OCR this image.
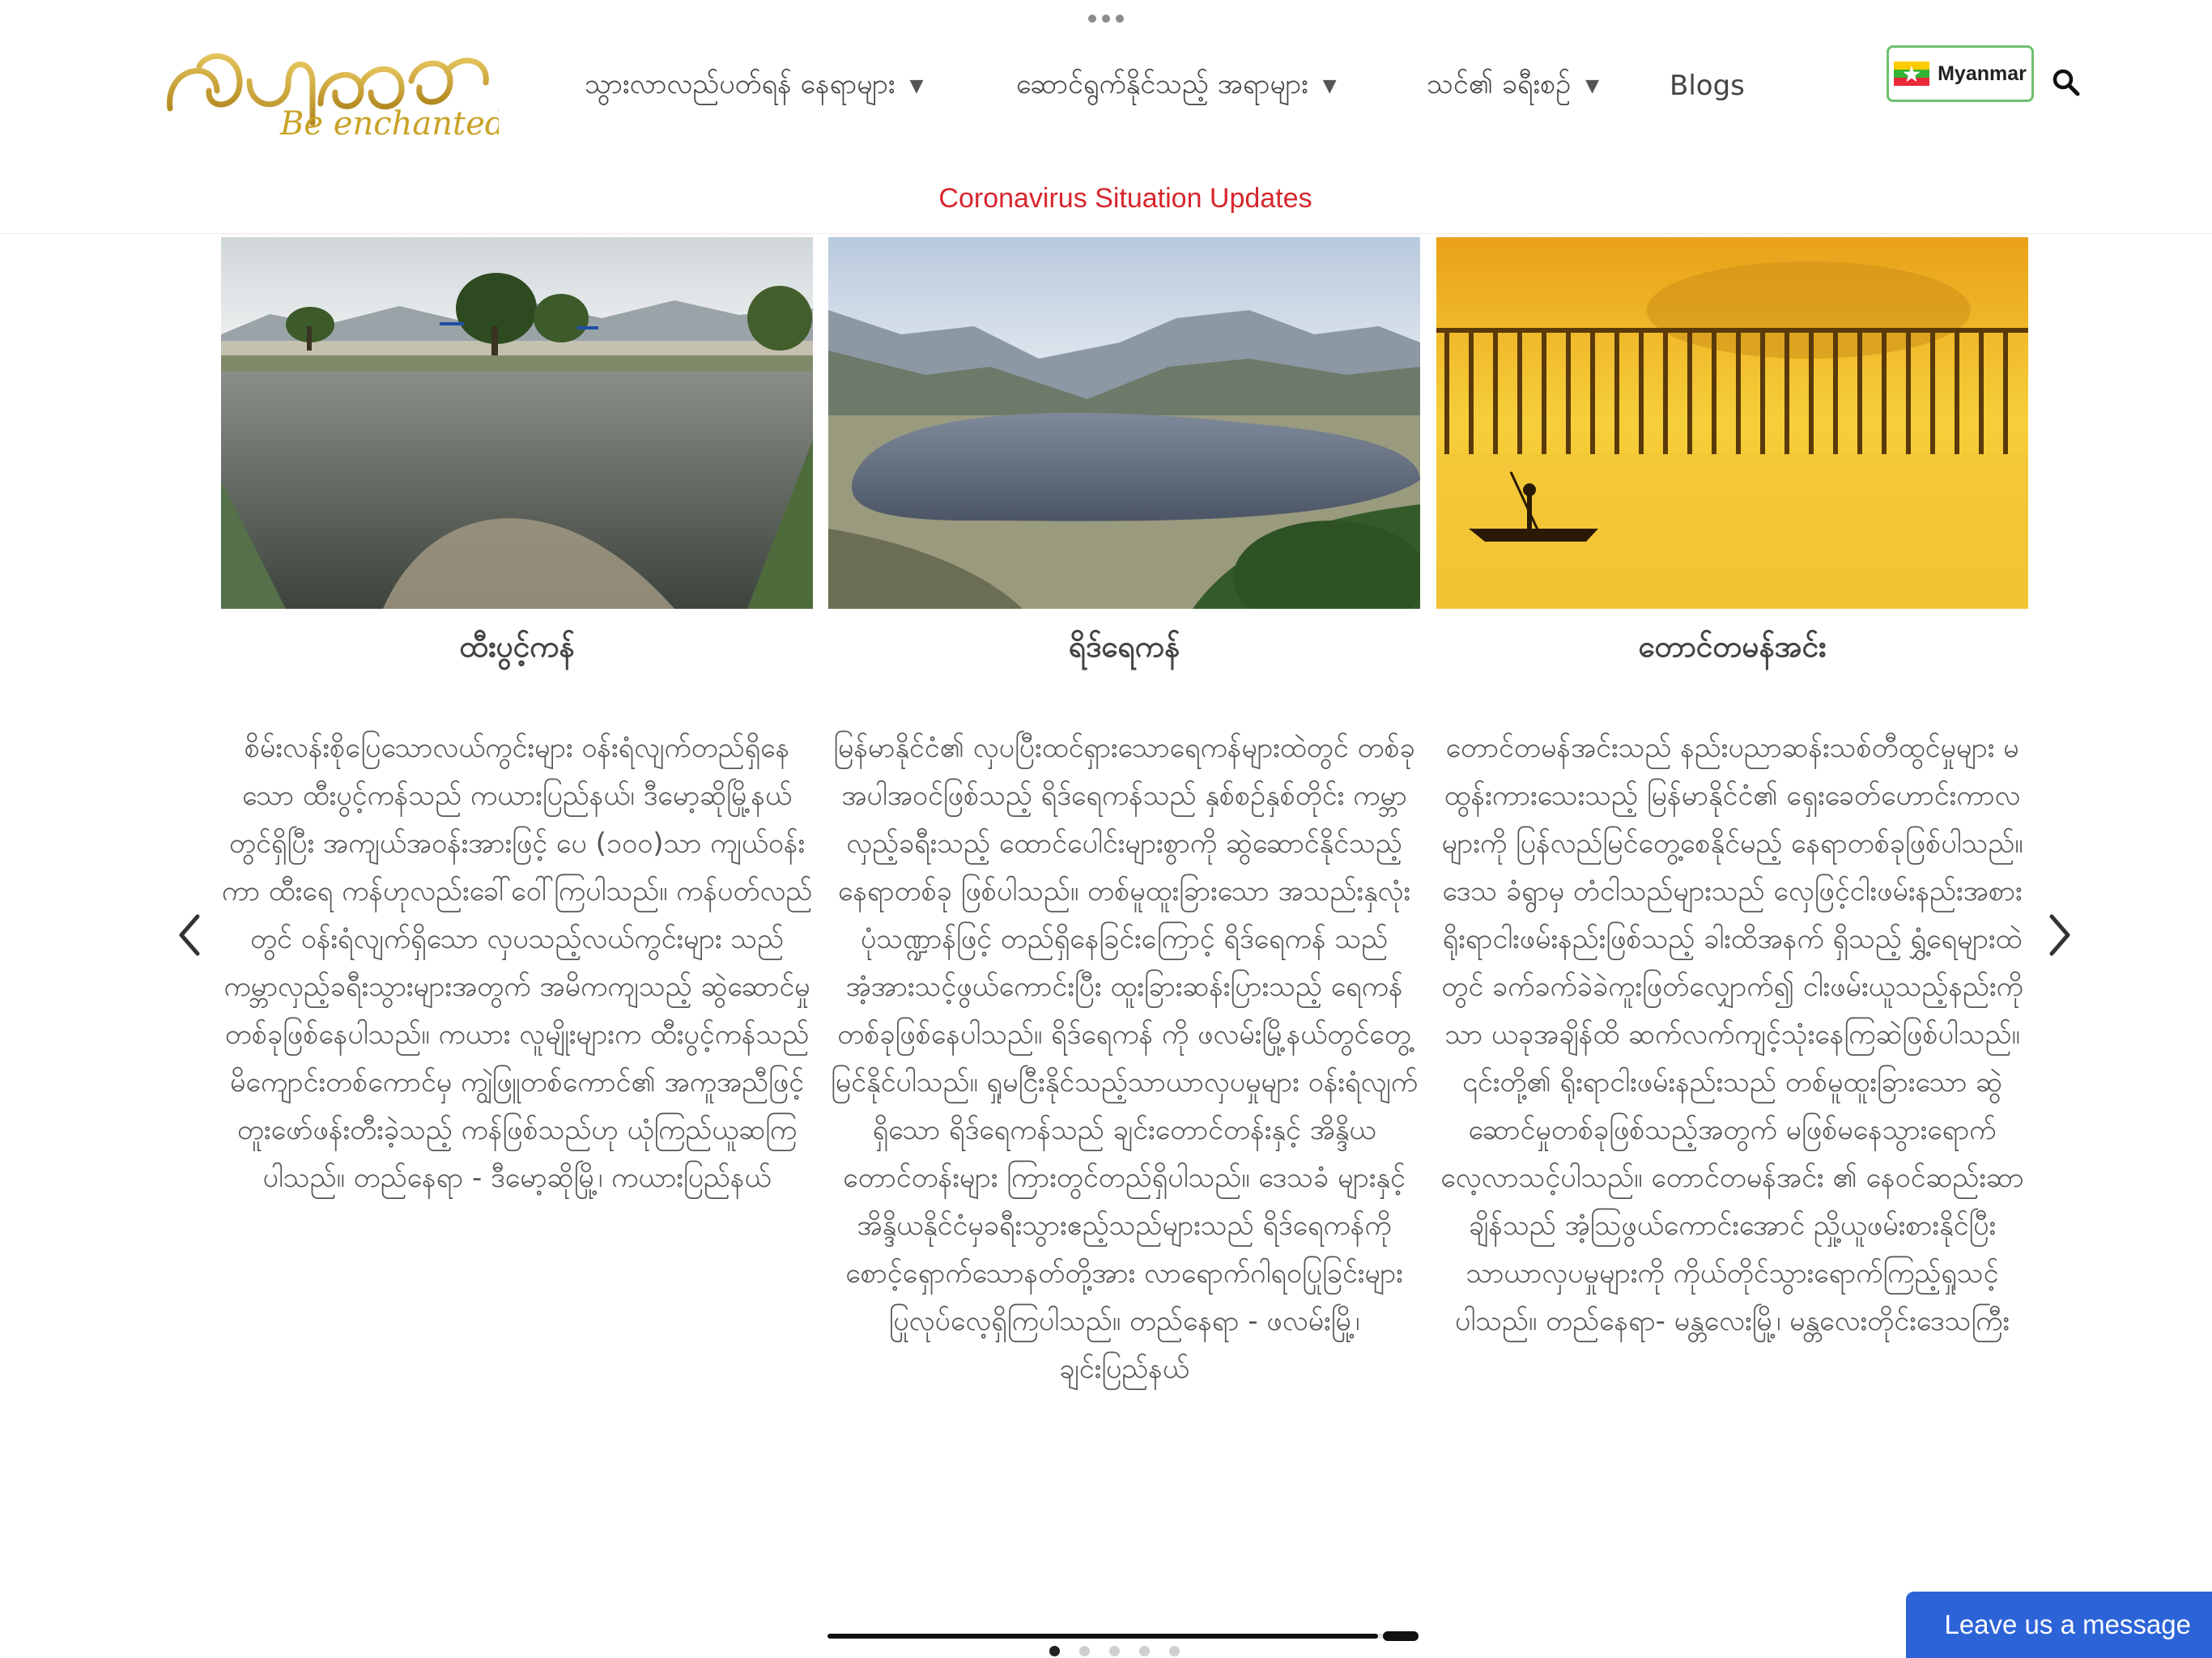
Be enchanted
သွားလာလည်ပတ်ရန် နေရာများ ▼	ဆောင်ရွက်နိုင်သည့် အရာများ ▼	သင်၏ ခရီးစဉ် ▼	Blogs	Myanmar
Coronavirus Situation Updates
ထီးပွင့်ကန်	ရိဒ်ရေကန်	တောင်တမန်အင်း
စိမ်းလန်းစိုပြေသောလယ်ကွင်းများ ဝန်းရံလျက်တည်ရှိနေသော ထီးပွင့်ကန်သည် ကယားပြည်နယ်၊ ဒီမော့ဆိုမြို့နယ်တွင်ရှိပြီး အကျယ်အဝန်းအားဖြင့် ပေ (၁၀၀)သာ ကျယ်ဝန်းကာ ထီးရေ ကန်ဟုလည်းခေါ်ဝေါ်ကြပါသည်။ ကန်ပတ်လည်တွင် ဝန်းရံလျက်ရှိသော လှပသည့်လယ်ကွင်းများ သည် ကမ္ဘာလှည့်ခရီးသွားများအတွက် အမိကကျသည့် ဆွဲဆောင်မှုတစ်ခုဖြစ်နေပါသည်။ ကယား လူမျိုးများက ထီးပွင့်ကန်သည် မိကျောင်းတစ်ကောင်မှ ကျွဲဖြူတစ်ကောင်၏ အကူအညီဖြင့် တူးဖော်ဖန်းတီးခဲ့သည့် ကန်ဖြစ်သည်ဟု ယုံကြည်ယူဆကြပါသည်။ တည်နေရာ - ဒီမော့ဆိုမြို့၊ ကယားပြည်နယ်
မြန်မာနိုင်ငံ၏ လှပပြီးထင်ရှားသောရေကန်များထဲတွင် တစ်ခုအပါအဝင်ဖြစ်သည့် ရိဒ်ရေကန်သည် နှစ်စဉ်နှစ်တိုင်း ကမ္ဘာလှည့်ခရီးသည့် ထောင်ပေါင်းများစွာကို ဆွဲဆောင်နိုင်သည့် နေရာတစ်ခု ဖြစ်ပါသည်။ တစ်မူထူးခြားသော အသည်းနှလုံးပုံသဏ္ဍာန်ဖြင့် တည်ရှိနေခြင်းကြောင့် ရိဒ်ရေကန် သည် အံ့အားသင့်ဖွယ်ကောင်းပြီး ထူးခြားဆန်းပြားသည့် ရေကန်တစ်ခုဖြစ်နေပါသည်။ ရိဒ်ရေကန် ကို ဖလမ်းမြို့နယ်တွင်တွေ့မြင်နိုင်ပါသည်။ ရှုမငြီးနိုင်သည့်သာယာလှပမှုများ ဝန်းရံလျက်ရှိသော ရိဒ်ရေကန်သည် ချင်းတောင်တန်းနှင့် အိန္ဒိယ တောင်တန်းများ ကြားတွင်တည်ရှိပါသည်။ ဒေသခံ များနှင့် အိန္ဒိယနိုင်ငံမှခရီးသွားဧည့်သည်များသည် ရိဒ်ရေကန်ကို စောင့်ရှောက်သောနတ်တို့အား လာရောက်ဂါရဝပြုခြင်းများပြုလုပ်လေ့ရှိကြပါသည်။ တည်နေရာ - ဖလမ်းမြို့၊ ချင်းပြည်နယ်
တောင်တမန်အင်းသည် နည်းပညာဆန်းသစ်တီထွင်မှုများ မထွန်းကားသေးသည့် မြန်မာနိုင်ငံ၏ ရှေးခေတ်ဟောင်းကာလများကို ပြန်လည်မြင်တွေ့စေနိုင်မည့် နေရာတစ်ခုဖြစ်ပါသည်။ ဒေသ ခံရွာမှ တံငါသည်များသည် လှေဖြင့်ငါးဖမ်းနည်းအစား ရိုးရာငါးဖမ်းနည်းဖြစ်သည့် ခါးထိအနက် ရှိသည့် ရွှံ့ရေများထဲတွင် ခက်ခက်ခဲခဲကူးဖြတ်လျှောက်၍ ငါးဖမ်းယူသည့်နည်းကိုသာ ယခုအချိန်ထိ ဆက်လက်ကျင့်သုံးနေကြဆဲဖြစ်ပါသည်။ ၎င်းတို့၏ ရိုးရာငါးဖမ်းနည်းသည် တစ်မူထူးခြားသော ဆွဲဆောင်မှုတစ်ခုဖြစ်သည့်အတွက် မဖြစ်မနေသွားရောက်လေ့လာသင့်ပါသည်။ တောင်တမန်အင်း ၏ နေဝင်ဆည်းဆာချိန်သည် အံ့သြဖွယ်ကောင်းအောင် ညှို့ယူဖမ်းစားနိုင်ပြီး သာယာလှပမှုများကို ကိုယ်တိုင်သွားရောက်ကြည့်ရှုသင့်ပါသည်။ တည်နေရာ- မန္တလေးမြို့၊ မန္တလေးတိုင်းဒေသကြီး
Leave us a message
